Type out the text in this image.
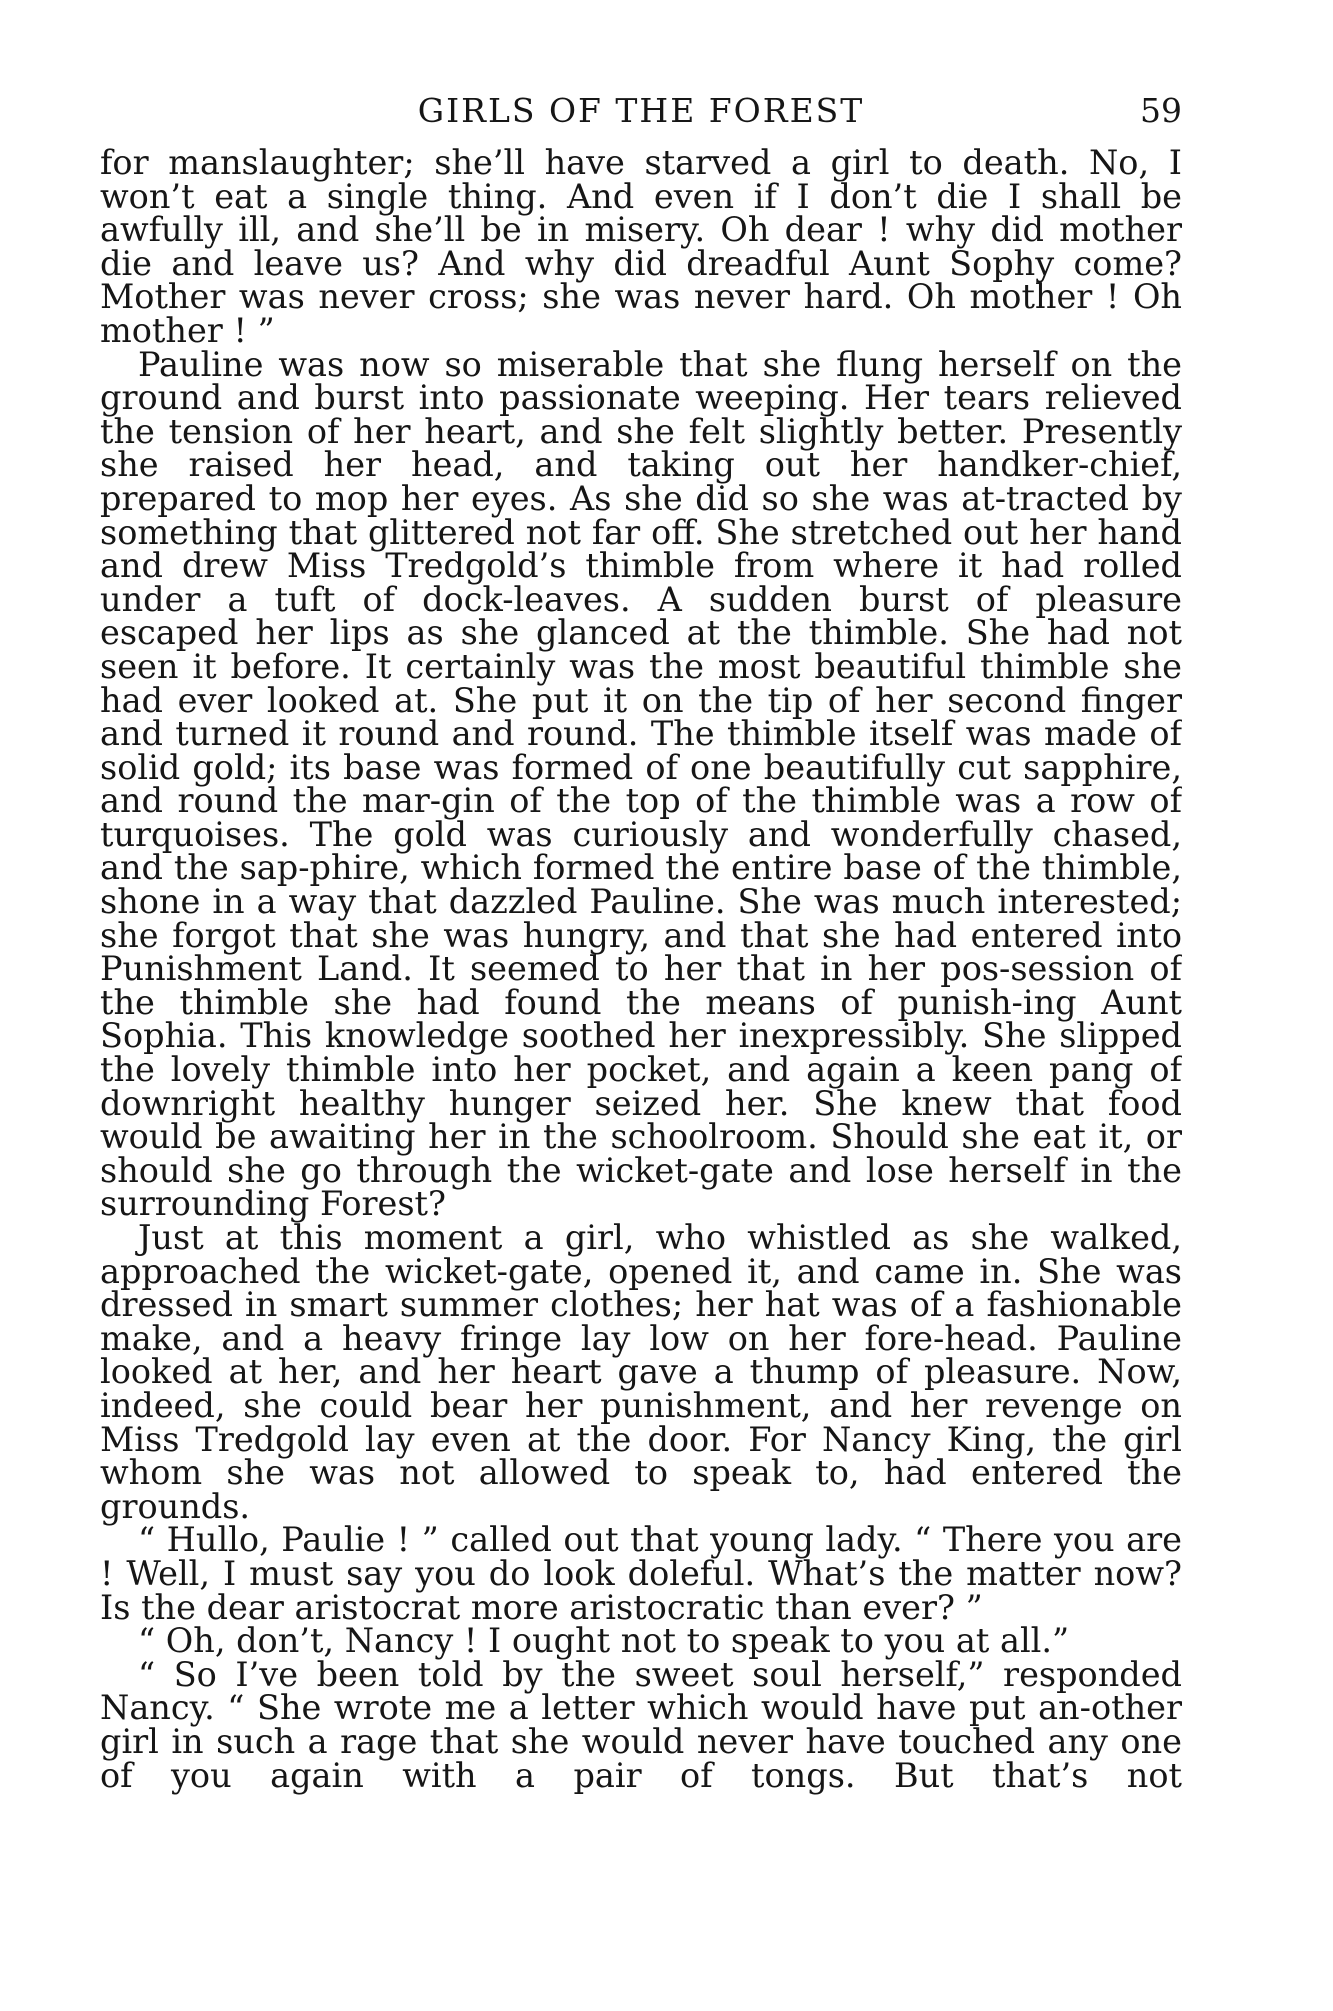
GIRLS OF THE FOREST	59

for manslaughter; she’ll have starved a girl to death. No, I won’t eat a single thing. And even if I don’t die I shall be awfully ill, and she’ll be in misery. Oh dear ! why did mother die and leave us? And why did dreadful Aunt Sophy come? Mother was never cross; she was never hard. Oh mother ! Oh mother ! ”

Pauline was now so miserable that she flung herself on the ground and burst into passionate weeping. Her tears relieved the tension of her heart, and she felt slightly better. Presently she raised her head, and taking out her handker-chief, prepared to mop her eyes. As she did so she was at-tracted by something that glittered not far off. She stretched out her hand and drew Miss Tredgold’s thimble from where it had rolled under a tuft of dock-leaves. A sudden burst of pleasure escaped her lips as she glanced at the thimble. She had not seen it before. It certainly was the most beautiful thimble she had ever looked at. She put it on the tip of her second finger and turned it round and round. The thimble itself was made of solid gold; its base was formed of one beautifully cut sapphire, and round the mar-gin of the top of the thimble was a row of turquoises. The gold was curiously and wonderfully chased, and the sap-phire, which formed the entire base of the thimble, shone in a way that dazzled Pauline. She was much interested; she forgot that she was hungry, and that she had entered into Punishment Land. It seemed to her that in her pos-session of the thimble she had found the means of punish-ing Aunt Sophia. This knowledge soothed her inexpressibly. She slipped the lovely thimble into her pocket, and again a keen pang of downright healthy hunger seized her. She knew that food would be awaiting her in the schoolroom. Should she eat it, or should she go through the wicket-gate and lose herself in the surrounding Forest?

Just at this moment a girl, who whistled as she walked, approached the wicket-gate, opened it, and came in. She was dressed in smart summer clothes; her hat was of a fashionable make, and a heavy fringe lay low on her fore-head. Pauline looked at her, and her heart gave a thump of pleasure. Now, indeed, she could bear her punishment, and her revenge on Miss Tredgold lay even at the door. For Nancy King, the girl whom she was not allowed to speak to, had entered the grounds.

“ Hullo, Paulie ! ” called out that young lady. “ There you are ! Well, I must say you do look doleful. What’s the matter now? Is the dear aristocrat more aristocratic than ever? ”

“ Oh, don’t, Nancy ! I ought not to speak to you at all.”

“ So I’ve been told by the sweet soul herself,” responded Nancy. “ She wrote me a letter which would have put an-other girl in such a rage that she would never have touched any one of you again with a pair of tongs. But that’s not
